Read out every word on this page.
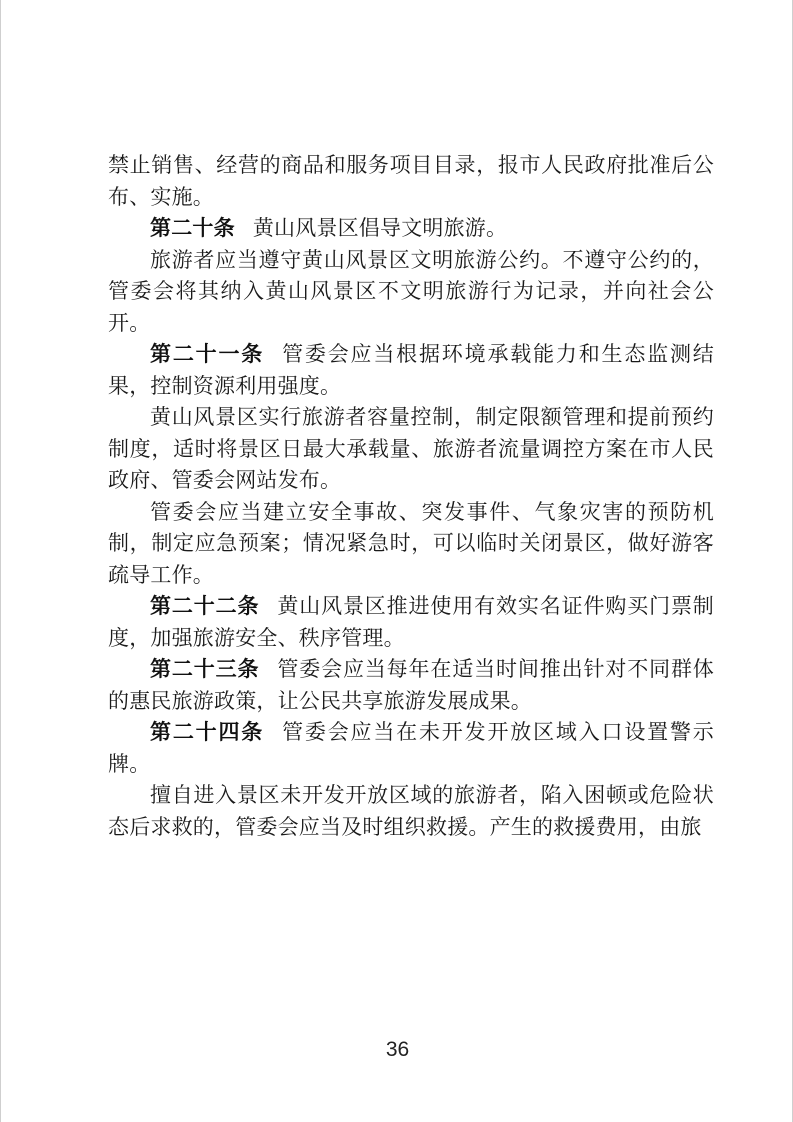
禁止销售、经营的商品和服务项目目录，报市人民政府批准后公布、实施。

第二十条 黄山风景区倡导文明旅游。

旅游者应当遵守黄山风景区文明旅游公约。不遵守公约的，管委会将其纳入黄山风景区不文明旅游行为记录，并向社会公开。

第二十一条 管委会应当根据环境承载能力和生态监测结果，控制资源利用强度。

黄山风景区实行旅游者容量控制，制定限额管理和提前预约制度，适时将景区日最大承载量、旅游者流量调控方案在市人民政府、管委会网站发布。

管委会应当建立安全事故、突发事件、气象灾害的预防机制，制定应急预案；情况紧急时，可以临时关闭景区，做好游客疏导工作。

第二十二条 黄山风景区推进使用有效实名证件购买门票制度，加强旅游安全、秩序管理。

第二十三条 管委会应当每年在适当时间推出针对不同群体的惠民旅游政策，让公民共享旅游发展成果。

第二十四条 管委会应当在未开发开放区域入口设置警示牌。

擅自进入景区未开发开放区域的旅游者，陷入困顿或危险状态后求救的，管委会应当及时组织救援。产生的救援费用，由旅

36
